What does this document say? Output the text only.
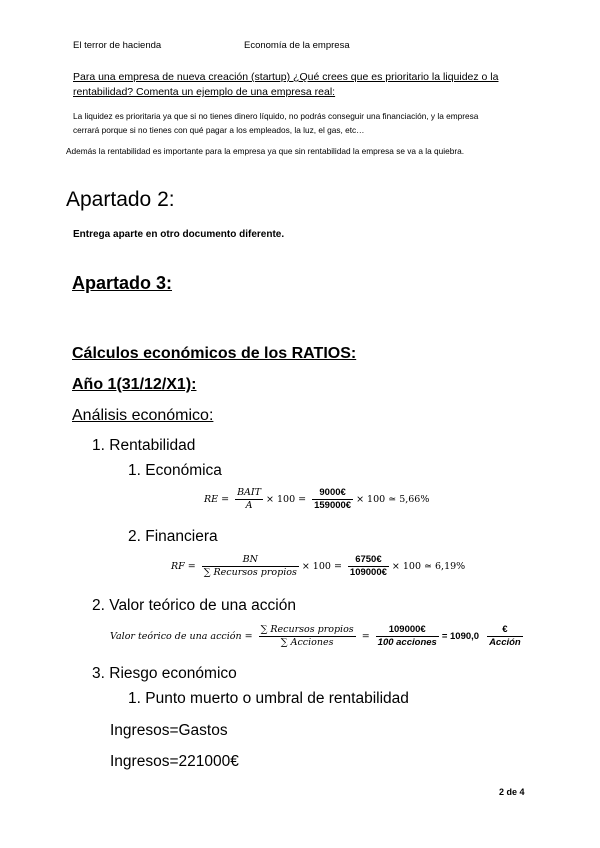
El terror de hacienda	Economía de la empresa
Para una empresa de nueva creación (startup) ¿Qué crees que es prioritario la liquidez o la
rentabilidad? Comenta un ejemplo de una empresa real:
La liquidez es prioritaria ya que si no tienes dinero líquido, no podrás conseguir una financiación, y la empresa
cerrará porque si no tienes con qué pagar a los empleados, la luz, el gas, etc…
Además la rentabilidad es importante para la empresa ya que sin rentabilidad la empresa se va a la quiebra.
Apartado 2:
Entrega aparte en otro documento diferente.
Apartado 3:
Cálculos económicos de los RATIOS:
Año 1(31/12/X1):
Análisis económico:
1. Rentabilidad
1. Económica
RE = $\frac{\text{BAIT}}{A} \times 100 = \frac{9000€}{159000€} \times 100$ ≃ 5,66%
2. Financiera
RF = $\frac{BN}{\text{∑ Recursos propios}} \times 100 = \frac{6750€}{109000€} \times 100$ ≃ 6,19%
2. Valor teórico de una acción
Valor teórico de una acción = $\frac{\text{∑ Recursos propios}}{\text{∑ Acciones}} = \frac{109000€}{\text{100 acciones}} = 1090,0 \frac{€}{\text{Acción}}$
3. Riesgo económico
1. Punto muerto o umbral de rentabilidad
Ingresos=Gastos
Ingresos=221000€
2 de 4
